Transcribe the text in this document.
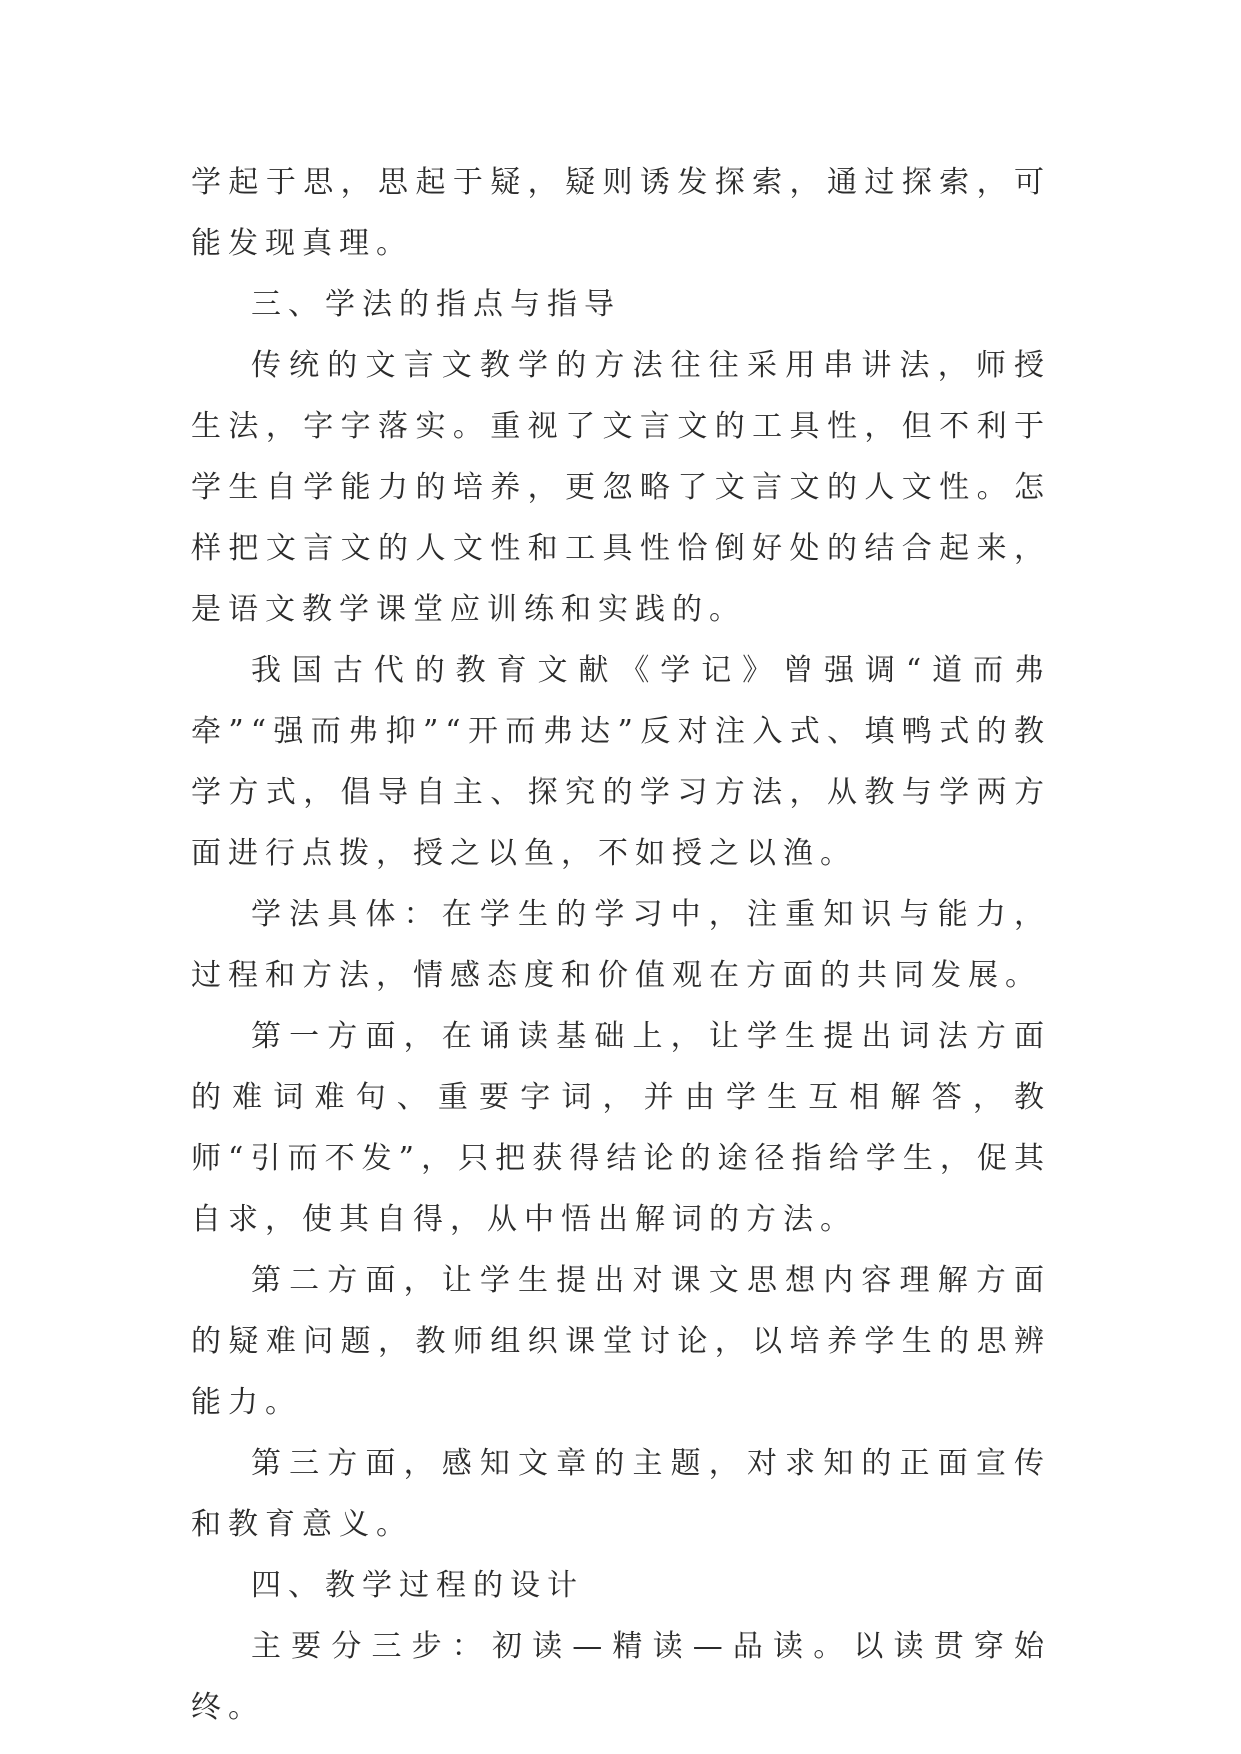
学起于思，思起于疑，疑则诱发探索，通过探索，可能发现真理。

三、学法的指点与指导

传统的文言文教学的方法往往采用串讲法，师授生法，字字落实。重视了文言文的工具性，但不利于学生自学能力的培养，更忽略了文言文的人文性。怎样把文言文的人文性和工具性恰倒好处的结合起来，是语文教学课堂应训练和实践的。

我国古代的教育文献《学记》曾强调“道而弗牵”“强而弗抑”“开而弗达”反对注入式、填鸭式的教学方式，倡导自主、探究的学习方法，从教与学两方面进行点拨，授之以鱼，不如授之以渔。

学法具体：在学生的学习中，注重知识与能力，过程和方法，情感态度和价值观在方面的共同发展。

第一方面，在诵读基础上，让学生提出词法方面的难词难句、重要字词，并由学生互相解答，教师“引而不发”，只把获得结论的途径指给学生，促其自求，使其自得，从中悟出解词的方法。

第二方面，让学生提出对课文思想内容理解方面的疑难问题，教师组织课堂讨论，以培养学生的思辨能力。

第三方面，感知文章的主题，对求知的正面宣传和教育意义。

四、教学过程的设计

主要分三步：初读—精读—品读。以读贯穿始终。
